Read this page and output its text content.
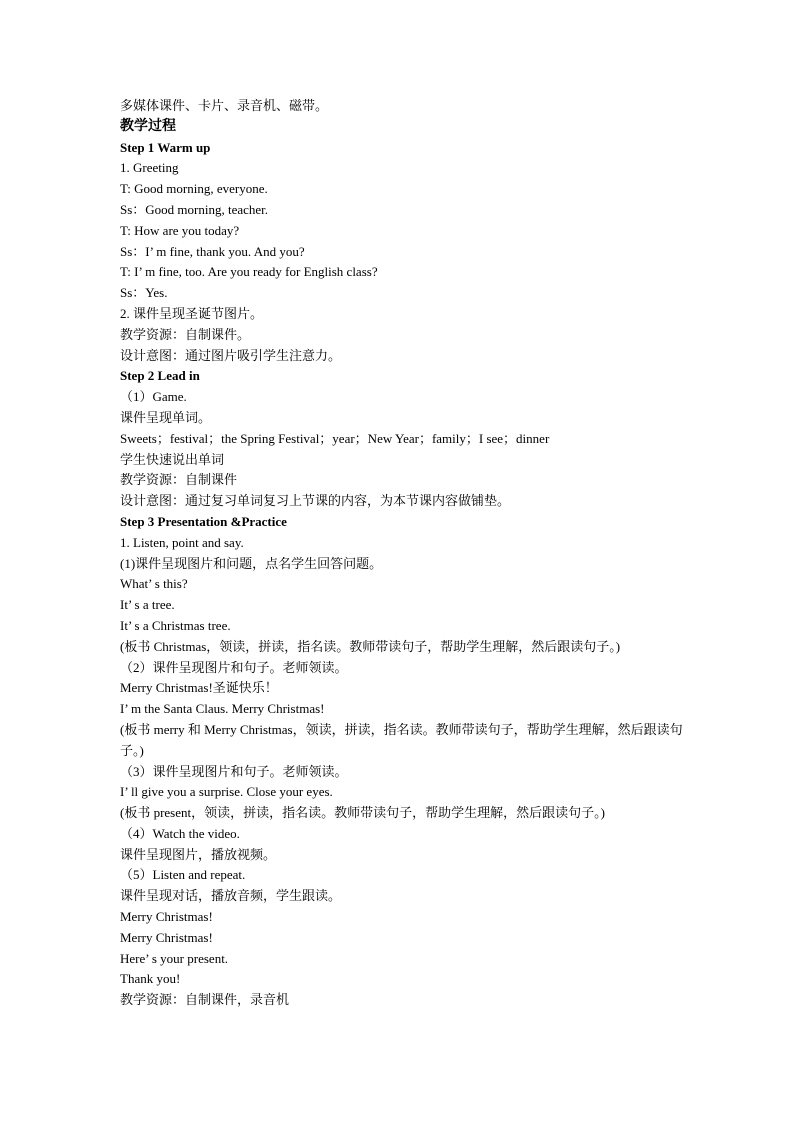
多媒体课件、卡片、录音机、磁带。
教学过程
Step 1 Warm up
1. Greeting
T: Good morning, everyone.
Ss：Good morning, teacher.
T: How are you today?
Ss：I’ m fine, thank you. And you?
T: I’ m fine, too. Are you ready for English class?
Ss：Yes.
2. 课件呈现圣诞节图片。
教学资源：自制课件。
设计意图：通过图片吸引学生注意力。
Step 2 Lead in
（1）Game.
课件呈现单词。
Sweets；festival；the Spring Festival；year；New Year；family；I see；dinner
学生快速说出单词
教学资源：自制课件
设计意图：通过复习单词复习上节课的内容，为本节课内容做铺垫。
Step 3 Presentation &Practice
1. Listen, point and say.
(1)课件呈现图片和问题，点名学生回答问题。
What’ s this?
It’ s a tree.
It’ s a Christmas tree.
(板书 Christmas，领读，拼读，指名读。教师带读句子，帮助学生理解，然后跟读句子。)
（2）课件呈现图片和句子。老师领读。
Merry Christmas!圣诞快乐！
I’ m the Santa Claus. Merry Christmas!
(板书 merry 和 Merry Christmas，领读，拼读，指名读。教师带读句子，帮助学生理解，然后跟读句子。)
（3）课件呈现图片和句子。老师领读。
I’ ll give you a surprise. Close your eyes.
(板书 present，领读，拼读，指名读。教师带读句子，帮助学生理解，然后跟读句子。)
（4）Watch the video.
课件呈现图片，播放视频。
（5）Listen and repeat.
课件呈现对话，播放音频，学生跟读。
Merry Christmas!
Merry Christmas!
Here’ s your present.
Thank you!
教学资源：自制课件，录音机
